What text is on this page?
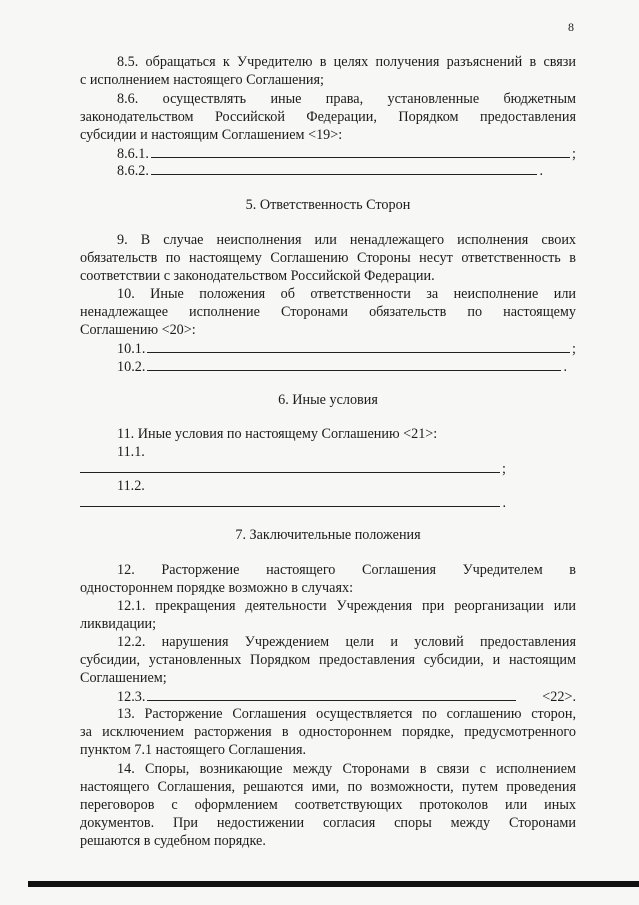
8
8.5. обращаться к Учредителю в целях получения разъяснений в связи
с исполнением настоящего Соглашения;
8.6. осуществлять иные права, установленные бюджетным
законодательством Российской Федерации, Порядком предоставления
субсидии и настоящим Соглашением <19>:
8.6.1.	;
8.6.2.	.
5. Ответственность Сторон
9. В случае неисполнения или ненадлежащего исполнения своих
обязательств по настоящему Соглашению Стороны несут ответственность в
соответствии с законодательством Российской Федерации.
10. Иные положения об ответственности за неисполнение или
ненадлежащее исполнение Сторонами обязательств по настоящему
Соглашению <20>:
10.1.	;
10.2.	.
6. Иные условия
11. Иные условия по настоящему Соглашению <21>:
11.1.
;
11.2.
.
7. Заключительные положения
12. Расторжение настоящего Соглашения Учредителем в
одностороннем порядке возможно в случаях:
12.1. прекращения деятельности Учреждения при реорганизации или
ликвидации;
12.2. нарушения Учреждением цели и условий предоставления
субсидии, установленных Порядком предоставления субсидии, и настоящим
Соглашением;
12.3.	<22>.
13. Расторжение Соглашения осуществляется по соглашению сторон,
за исключением расторжения в одностороннем порядке, предусмотренного
пунктом 7.1 настоящего Соглашения.
14. Споры, возникающие между Сторонами в связи с исполнением
настоящего Соглашения, решаются ими, по возможности, путем проведения
переговоров с оформлением соответствующих протоколов или иных
документов. При недостижении согласия споры между Сторонами
решаются в судебном порядке.
